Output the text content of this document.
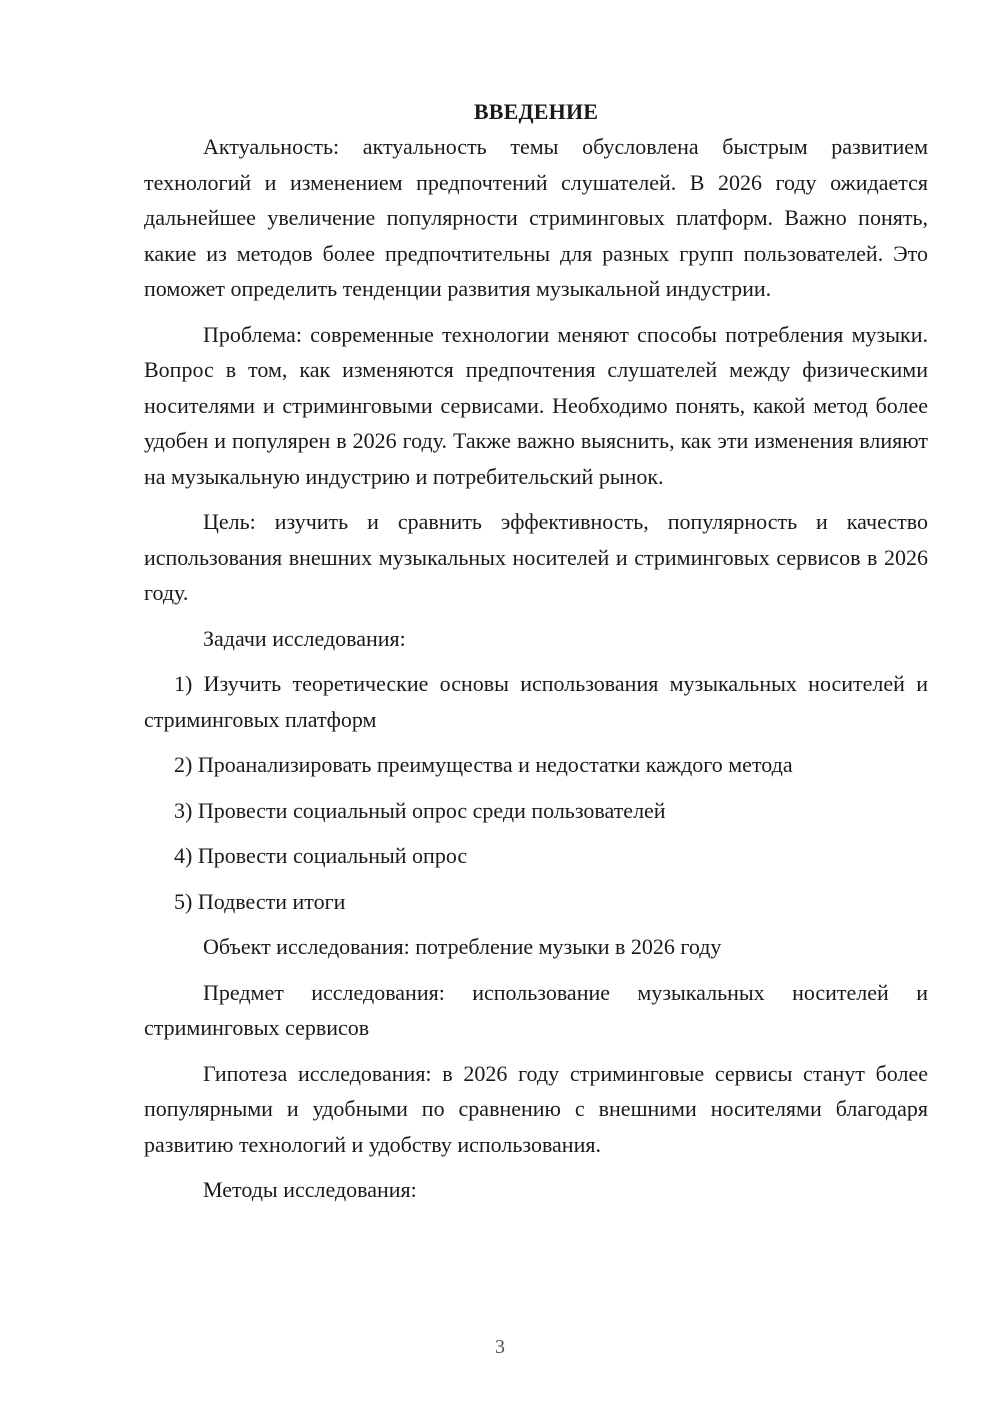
ВВЕДЕНИЕ

Актуальность: актуальность темы обусловлена быстрым развитием технологий и изменением предпочтений слушателей. В 2026 году ожидается дальнейшее увеличение популярности стриминговых платформ. Важно понять, какие из методов более предпочтительны для разных групп пользователей. Это поможет определить тенденции развития музыкальной индустрии.

Проблема: современные технологии меняют способы потребления музыки. Вопрос в том, как изменяются предпочтения слушателей между физическими носителями и стриминговыми сервисами. Необходимо понять, какой метод более удобен и популярен в 2026 году. Также важно выяснить, как эти изменения влияют на музыкальную индустрию и потребительский рынок.

Цель: изучить и сравнить эффективность, популярность и качество использования внешних музыкальных носителей и стриминговых сервисов в 2026 году.

Задачи исследования:

1) Изучить теоретические основы использования музыкальных носителей и стриминговых платформ

2) Проанализировать преимущества и недостатки каждого метода

3) Провести социальный опрос среди пользователей

4) Провести социальный опрос

5) Подвести итоги

Объект исследования: потребление музыки в 2026 году

Предмет исследования: использование музыкальных носителей и стриминговых сервисов

Гипотеза исследования: в 2026 году стриминговые сервисы станут более популярными и удобными по сравнению с внешними носителями благодаря развитию технологий и удобству использования.

Методы исследования:

3
